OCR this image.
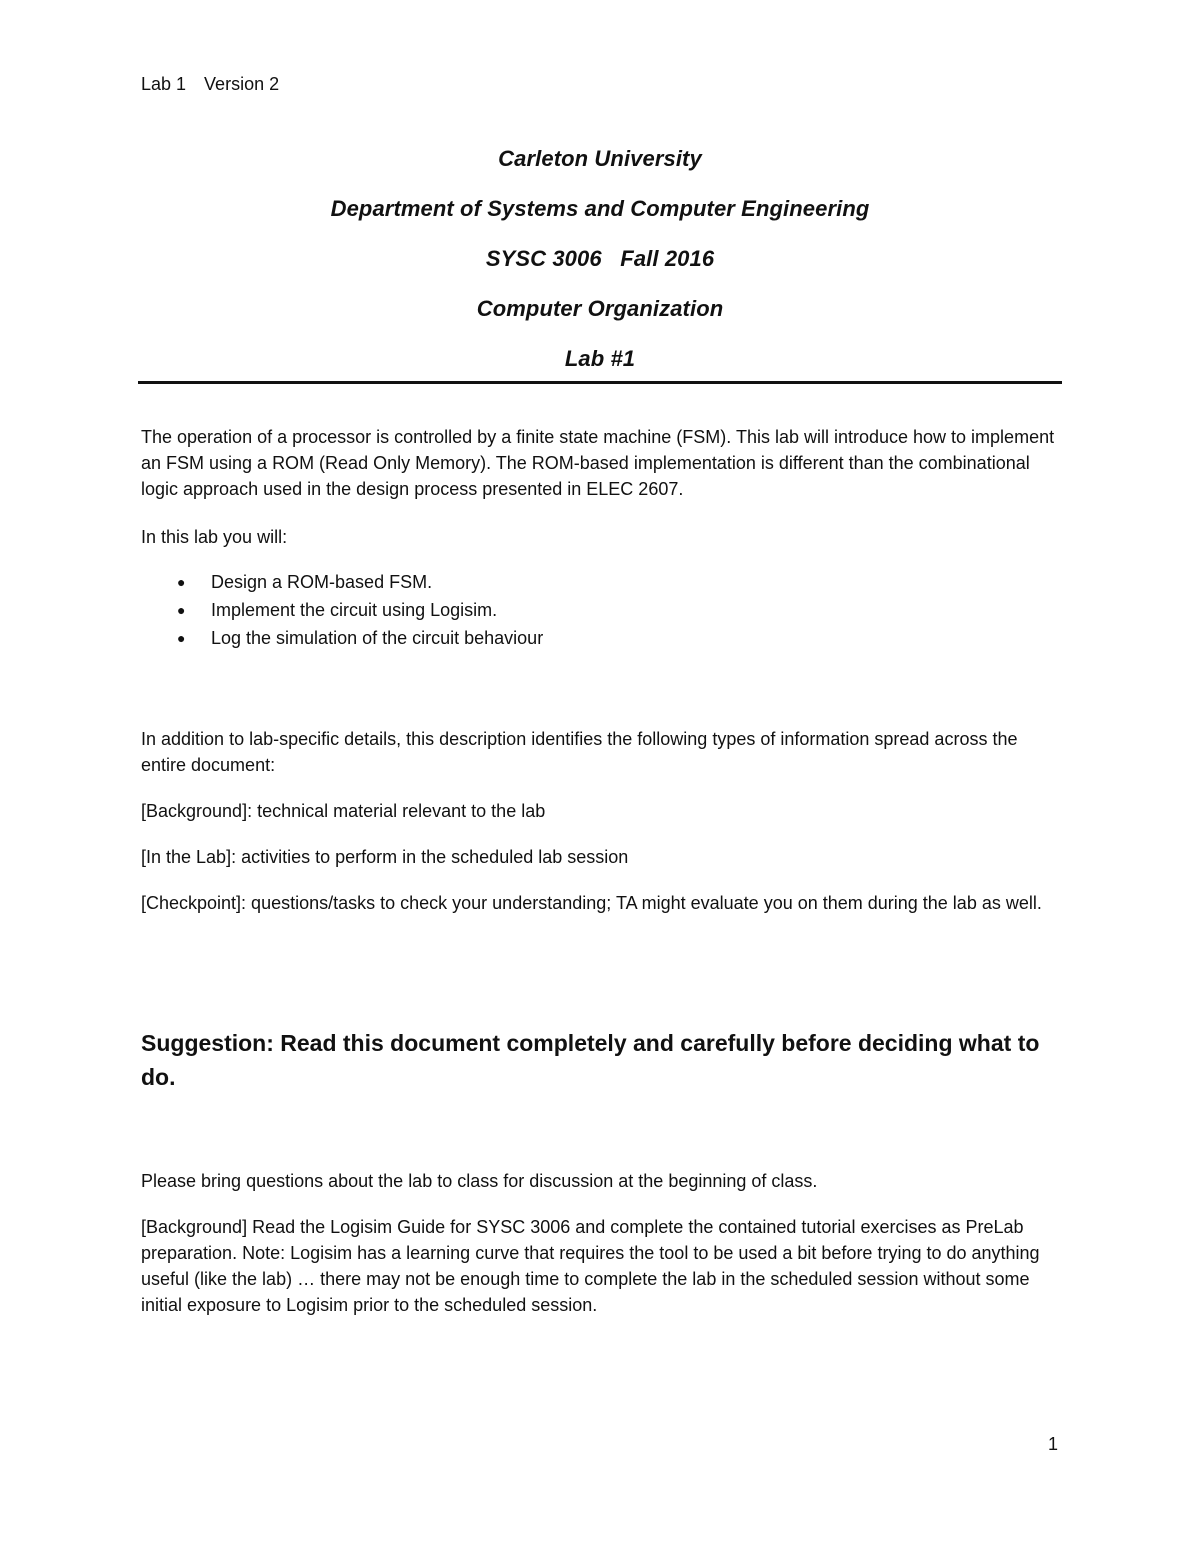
Lab 1 Version 2
Carleton University
Department of Systems and Computer Engineering
SYSC 3006   Fall 2016
Computer Organization
Lab #1

The operation of a processor is controlled by a finite state machine (FSM). This lab will introduce how to implement an FSM using a ROM (Read Only Memory). The ROM-based implementation is different than the combinational logic approach used in the design process presented in ELEC 2607.

In this lab you will:

● Design a ROM-based FSM.
● Implement the circuit using Logisim.
● Log the simulation of the circuit behaviour

In addition to lab-specific details, this description identifies the following types of information spread across the entire document:

[Background]: technical material relevant to the lab

[In the Lab]: activities to perform in the scheduled lab session

[Checkpoint]: questions/tasks to check your understanding; TA might evaluate you on them during the lab as well.

Suggestion: Read this document completely and carefully before deciding what to do.

Please bring questions about the lab to class for discussion at the beginning of class.

[Background] Read the Logisim Guide for SYSC 3006 and complete the contained tutorial exercises as PreLab preparation. Note: Logisim has a learning curve that requires the tool to be used a bit before trying to do anything useful (like the lab) … there may not be enough time to complete the lab in the scheduled session without some initial exposure to Logisim prior to the scheduled session.

1
